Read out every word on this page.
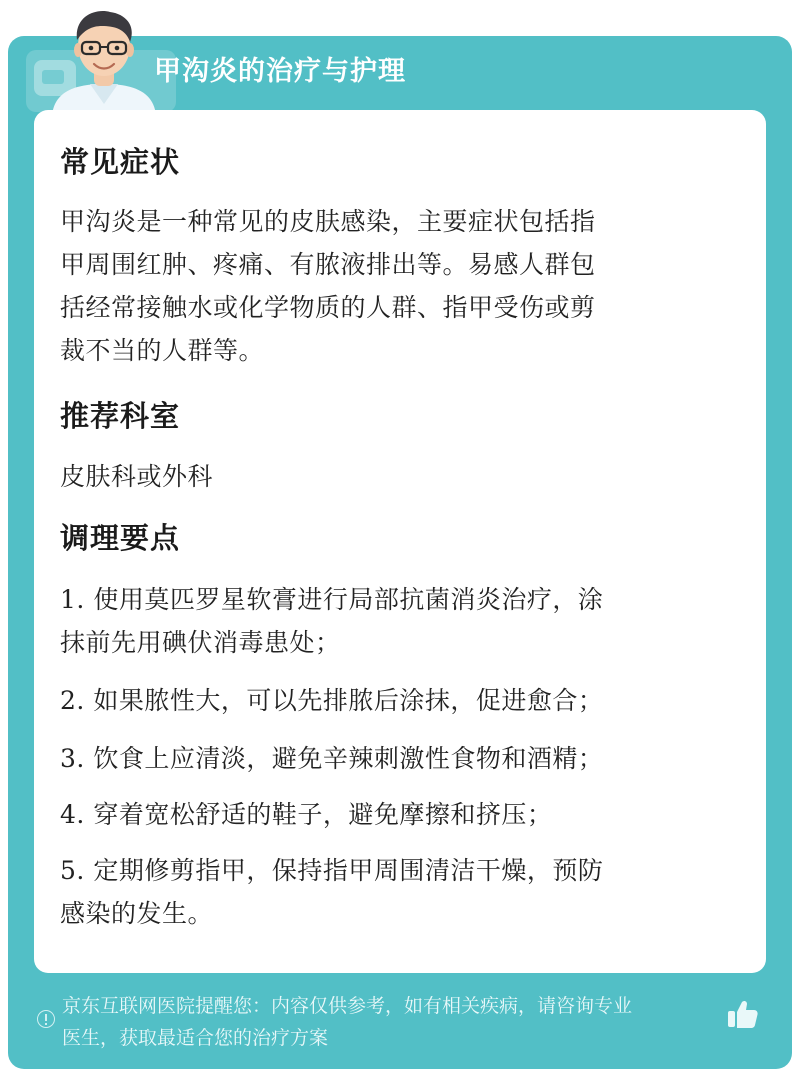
甲沟炎的治疗与护理
常见症状
甲沟炎是一种常见的皮肤感染，主要症状包括指
甲周围红肿、疼痛、有脓液排出等。易感人群包
括经常接触水或化学物质的人群、指甲受伤或剪
裁不当的人群等。
推荐科室
皮肤科或外科
调理要点
1. 使用莫匹罗星软膏进行局部抗菌消炎治疗，涂
抹前先用碘伏消毒患处；
2. 如果脓性大，可以先排脓后涂抹，促进愈合；
3. 饮食上应清淡，避免辛辣刺激性食物和酒精；
4. 穿着宽松舒适的鞋子，避免摩擦和挤压；
5. 定期修剪指甲，保持指甲周围清洁干燥，预防
感染的发生。
京东互联网医院提醒您：内容仅供参考，如有相关疾病，请咨询专业
医生，获取最适合您的治疗方案
